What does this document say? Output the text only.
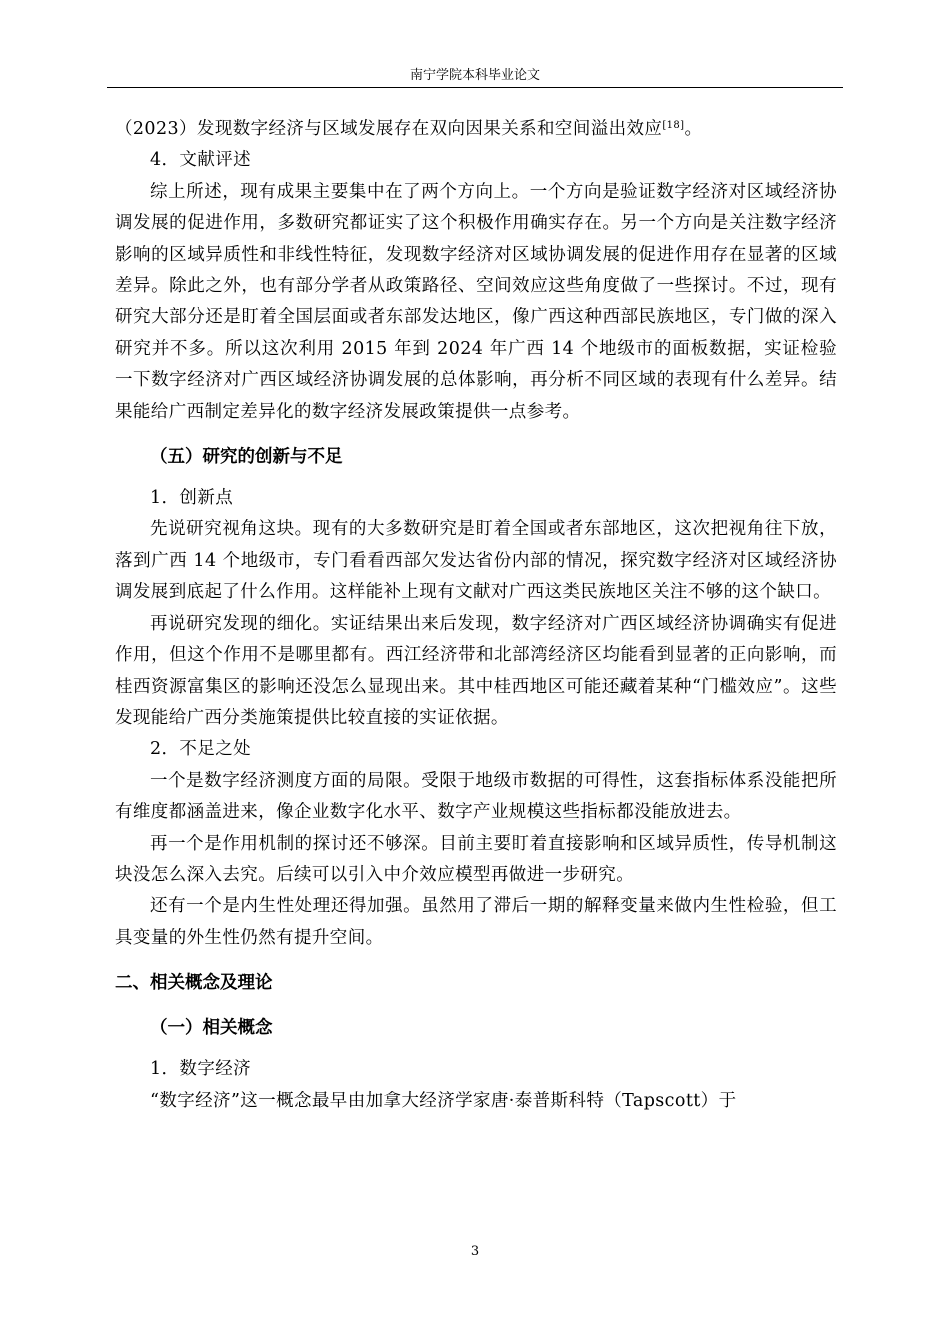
南宁学院本科毕业论文

（2023）发现数字经济与区域发展存在双向因果关系和空间溢出效应[18]。

4．文献评述

综上所述，现有成果主要集中在了两个方向上。一个方向是验证数字经济对区域经济协调发展的促进作用，多数研究都证实了这个积极作用确实存在。另一个方向是关注数字经济影响的区域异质性和非线性特征，发现数字经济对区域协调发展的促进作用存在显著的区域差异。除此之外，也有部分学者从政策路径、空间效应这些角度做了一些探讨。不过，现有研究大部分还是盯着全国层面或者东部发达地区，像广西这种西部民族地区，专门做的深入研究并不多。所以这次利用 2015 年到 2024 年广西 14 个地级市的面板数据，实证检验一下数字经济对广西区域经济协调发展的总体影响，再分析不同区域的表现有什么差异。结果能给广西制定差异化的数字经济发展政策提供一点参考。

（五）研究的创新与不足

1．创新点

先说研究视角这块。现有的大多数研究是盯着全国或者东部地区，这次把视角往下放，落到广西 14 个地级市，专门看看西部欠发达省份内部的情况，探究数字经济对区域经济协调发展到底起了什么作用。这样能补上现有文献对广西这类民族地区关注不够的这个缺口。

再说研究发现的细化。实证结果出来后发现，数字经济对广西区域经济协调确实有促进作用，但这个作用不是哪里都有。西江经济带和北部湾经济区均能看到显著的正向影响，而桂西资源富集区的影响还没怎么显现出来。其中桂西地区可能还藏着某种“门槛效应”。这些发现能给广西分类施策提供比较直接的实证依据。

2．不足之处

一个是数字经济测度方面的局限。受限于地级市数据的可得性，这套指标体系没能把所有维度都涵盖进来，像企业数字化水平、数字产业规模这些指标都没能放进去。

再一个是作用机制的探讨还不够深。目前主要盯着直接影响和区域异质性，传导机制这块没怎么深入去究。后续可以引入中介效应模型再做进一步研究。

还有一个是内生性处理还得加强。虽然用了滞后一期的解释变量来做内生性检验，但工具变量的外生性仍然有提升空间。

二、相关概念及理论
（一）相关概念

1．数字经济

“数字经济”这一概念最早由加拿大经济学家唐·泰普斯科特（Tapscott）于

3
